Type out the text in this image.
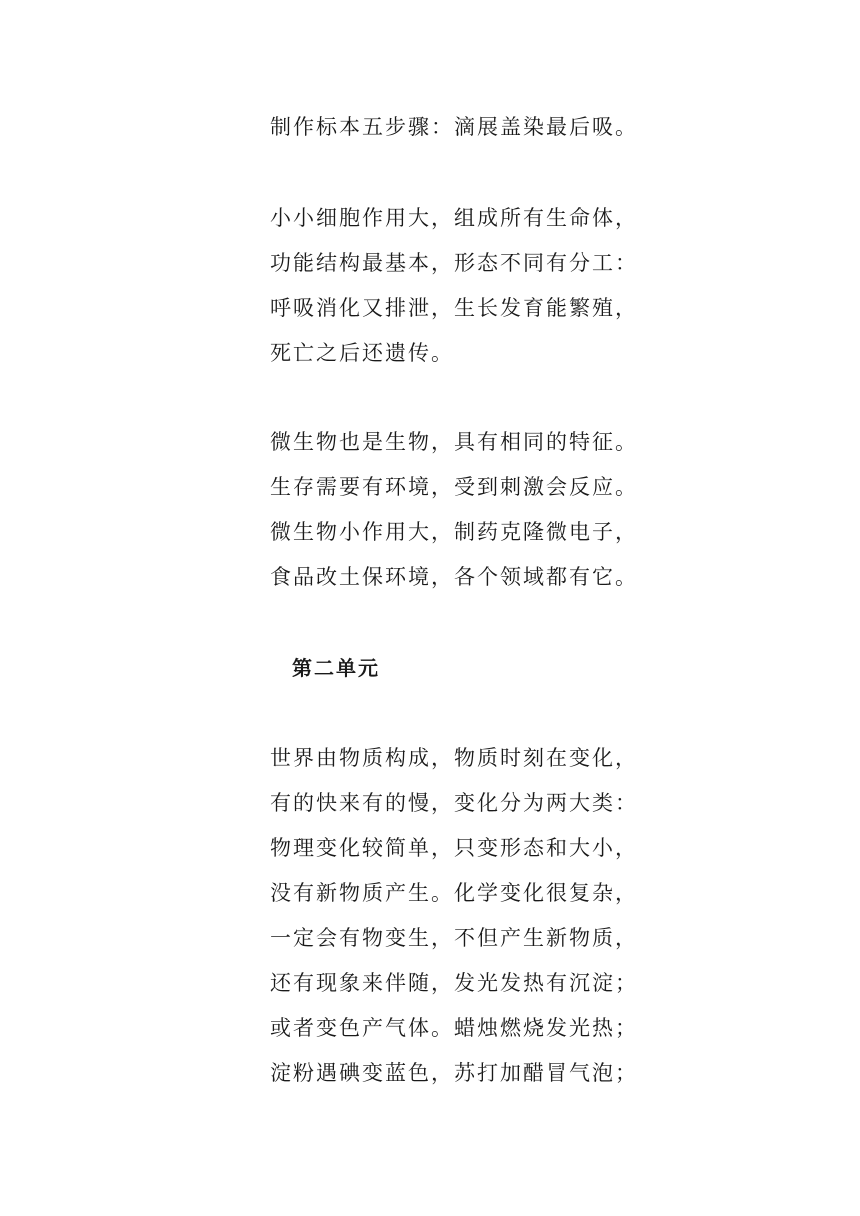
制作标本五步骤：滴展盖染最后吸。
小小细胞作用大，组成所有生命体，
功能结构最基本，形态不同有分工：
呼吸消化又排泄，生长发育能繁殖，
死亡之后还遗传。
微生物也是生物，具有相同的特征。
生存需要有环境，受到刺激会反应。
微生物小作用大，制药克隆微电子，
食品改土保环境，各个领域都有它。
第二单元
世界由物质构成，物质时刻在变化，
有的快来有的慢，变化分为两大类：
物理变化较简单，只变形态和大小，
没有新物质产生。化学变化很复杂，
一定会有物变生，不但产生新物质，
还有现象来伴随，发光发热有沉淀；
或者变色产气体。蜡烛燃烧发光热；
淀粉遇碘变蓝色，苏打加醋冒气泡；
